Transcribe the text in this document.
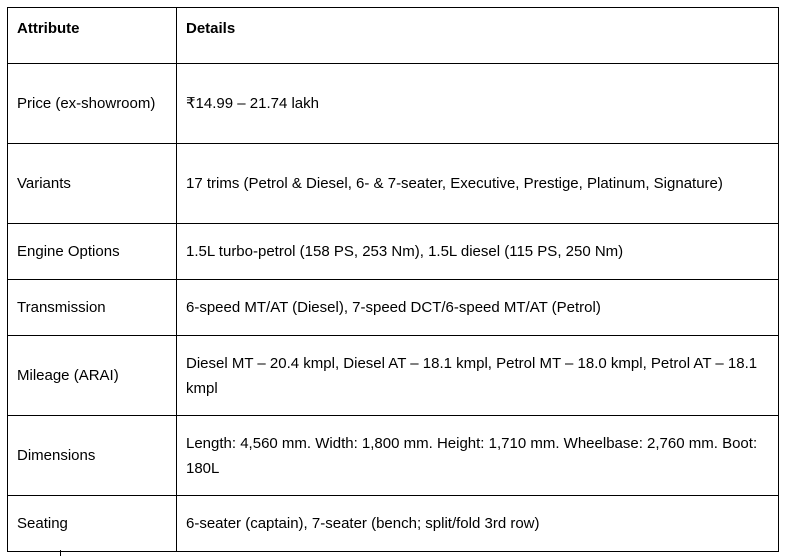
Attribute	Details
Price (ex-showroom)	₹14.99 – 21.74 lakh
Variants	17 trims (Petrol & Diesel, 6- & 7-seater, Executive, Prestige, Platinum, Signature)
Engine Options	1.5L turbo-petrol (158 PS, 253 Nm), 1.5L diesel (115 PS, 250 Nm)
Transmission	6-speed MT/AT (Diesel), 7-speed DCT/6-speed MT/AT (Petrol)
Mileage (ARAI)	Diesel MT – 20.4 kmpl, Diesel AT – 18.1 kmpl, Petrol MT – 18.0 kmpl, Petrol AT – 18.1 kmpl
Dimensions	Length: 4,560 mm. Width: 1,800 mm. Height: 1,710 mm. Wheelbase: 2,760 mm. Boot: 180L
Seating	6-seater (captain), 7-seater (bench; split/fold 3rd row)
